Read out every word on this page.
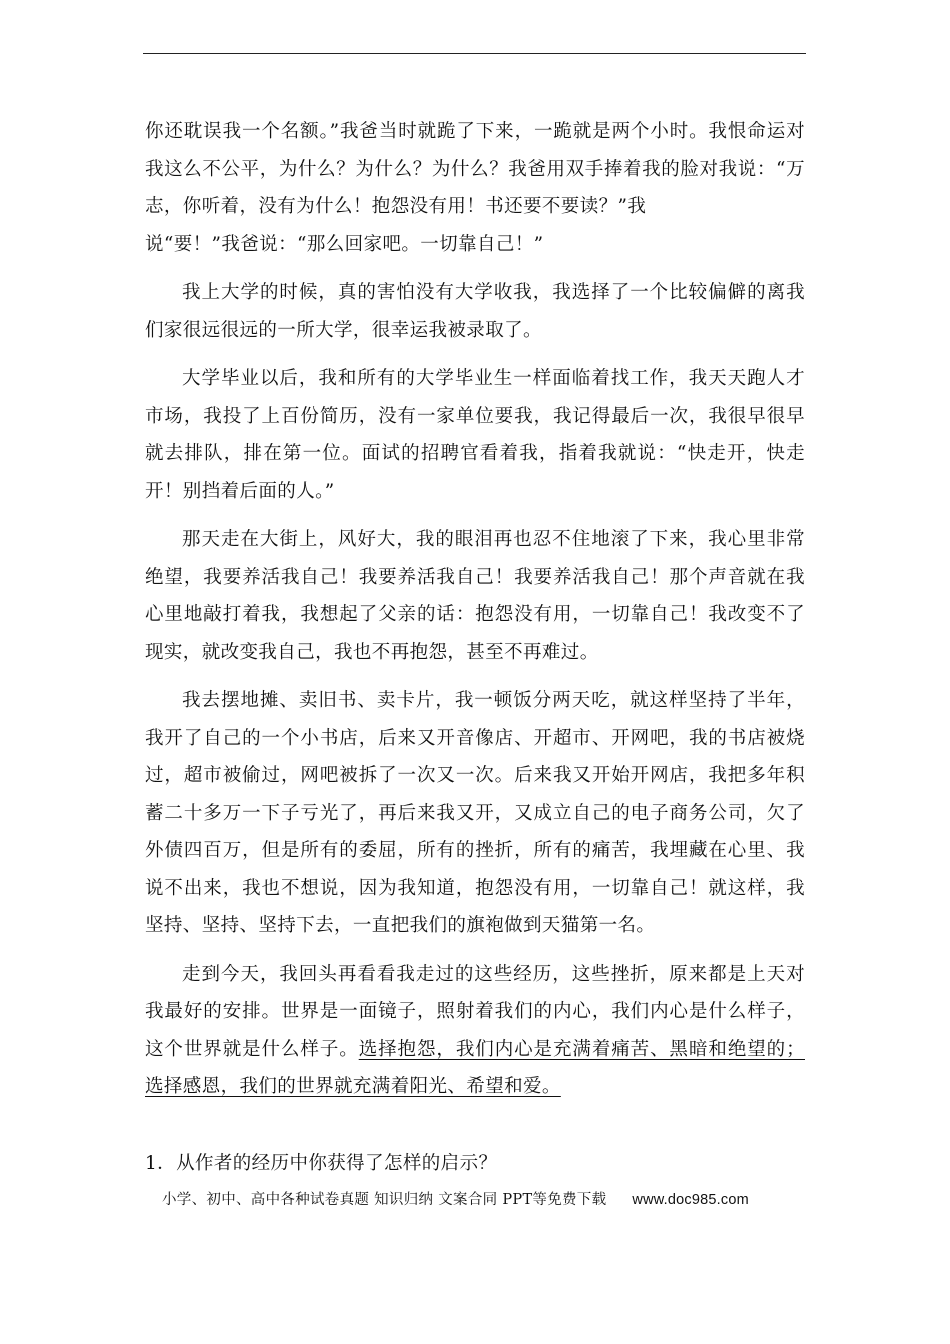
你还耽误我一个名额。”我爸当时就跪了下来，一跪就是两个小时。我恨命运对我这么不公平，为什么？为什么？为什么？我爸用双手捧着我的脸对我说：“万志，你听着，没有为什么！抱怨没有用！书还要不要读？”我

说“要！”我爸说：“那么回家吧。一切靠自己！”

我上大学的时候，真的害怕没有大学收我，我选择了一个比较偏僻的离我们家很远很远的一所大学，很幸运我被录取了。

大学毕业以后，我和所有的大学毕业生一样面临着找工作，我天天跑人才市场，我投了上百份简历，没有一家单位要我，我记得最后一次，我很早很早就去排队，排在第一位。面试的招聘官看着我，指着我就说：“快走开，快走开！别挡着后面的人。”

那天走在大街上，风好大，我的眼泪再也忍不住地滚了下来，我心里非常绝望，我要养活我自己！我要养活我自己！我要养活我自己！那个声音就在我心里地敲打着我，我想起了父亲的话：抱怨没有用，一切靠自己！我改变不了现实，就改变我自己，我也不再抱怨，甚至不再难过。

我去摆地摊、卖旧书、卖卡片，我一顿饭分两天吃，就这样坚持了半年，我开了自己的一个小书店，后来又开音像店、开超市、开网吧，我的书店被烧过，超市被偷过，网吧被拆了一次又一次。后来我又开始开网店，我把多年积蓄二十多万一下子亏光了，再后来我又开，又成立自己的电子商务公司，欠了外债四百万，但是所有的委屈，所有的挫折，所有的痛苦，我埋藏在心里、我说不出来，我也不想说，因为我知道，抱怨没有用，一切靠自己！就这样，我坚持、坚持、坚持下去，一直把我们的旗袍做到天猫第一名。

走到今天，我回头再看看我走过的这些经历，这些挫折，原来都是上天对我最好的安排。世界是一面镜子，照射着我们的内心，我们内心是什么样子，这个世界就是什么样子。选择抱怨，我们内心是充满着痛苦、黑暗和绝望的；选择感恩，我们的世界就充满着阳光、希望和爱。

1．从作者的经历中你获得了怎样的启示？
小学、初中、高中各种试卷真题 知识归纳 文案合同 PPT等免费下载 www.doc985.com
